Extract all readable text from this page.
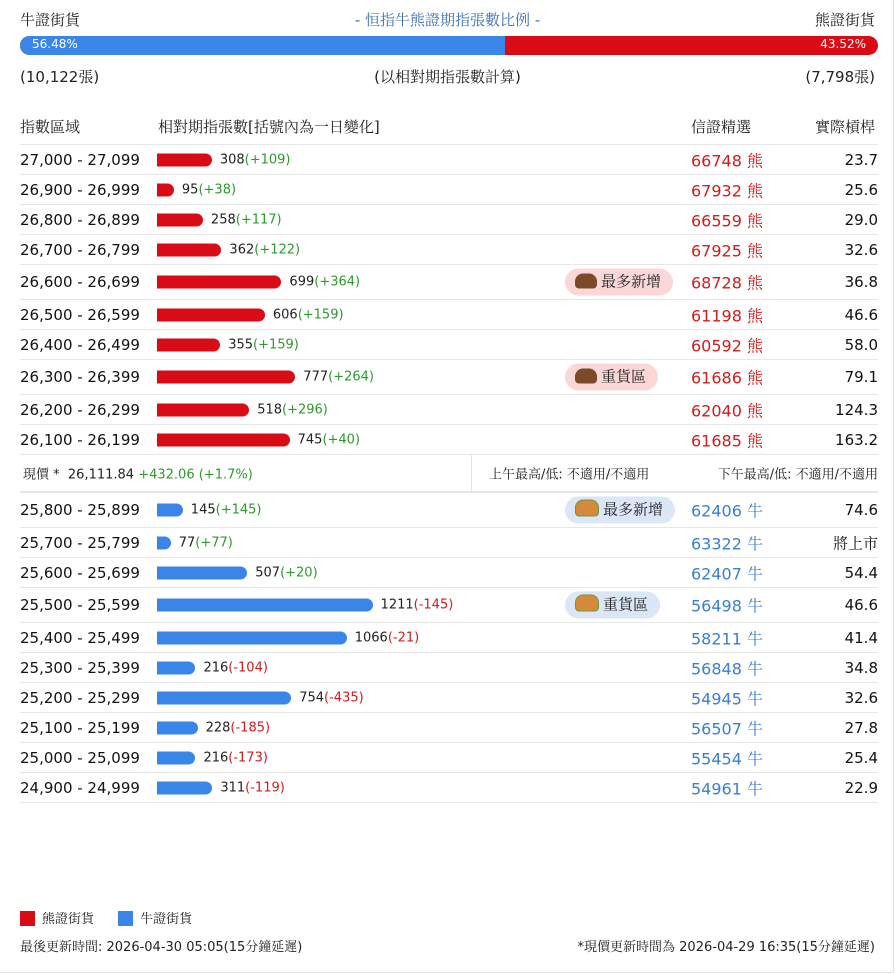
牛證街貨	- 恒指牛熊證期指張數比例 -	熊證街貨
56.48%	43.52%
(10,122張)	(以相對期指張數計算)	(7,798張)
指數區域	相對期指張數[括號內為一日變化]	信證精選	實際槓桿
27,000 - 27,099	308(+109)	66748 熊	23.7
26,900 - 26,999	95(+38)	67932 熊	25.6
26,800 - 26,899	258(+117)	66559 熊	29.0
26,700 - 26,799	362(+122)	67925 熊	32.6
26,600 - 26,699	699(+364)	最多新增	68728 熊	36.8
26,500 - 26,599	606(+159)	61198 熊	46.6
26,400 - 26,499	355(+159)	60592 熊	58.0
26,300 - 26,399	777(+264)	重貨區	61686 熊	79.1
26,200 - 26,299	518(+296)	62040 熊	124.3
26,100 - 26,199	745(+40)	61685 熊	163.2
現價 * 26,111.84 +432.06 (+1.7%)	上午最高/低: 不適用/不適用	下午最高/低: 不適用/不適用
25,800 - 25,899	145(+145)	最多新增	62406 牛	74.6
25,700 - 25,799	77(+77)	63322 牛	將上市
25,600 - 25,699	507(+20)	62407 牛	54.4
25,500 - 25,599	1211(-145)	重貨區	56498 牛	46.6
25,400 - 25,499	1066(-21)	58211 牛	41.4
25,300 - 25,399	216(-104)	56848 牛	34.8
25,200 - 25,299	754(-435)	54945 牛	32.6
25,100 - 25,199	228(-185)	56507 牛	27.8
25,000 - 25,099	216(-173)	55454 牛	25.4
24,900 - 24,999	311(-119)	54961 牛	22.9
熊證街貨	牛證街貨
最後更新時間: 2026-04-30 05:05(15分鐘延遲)	*現價更新時間為 2026-04-29 16:35(15分鐘延遲)
